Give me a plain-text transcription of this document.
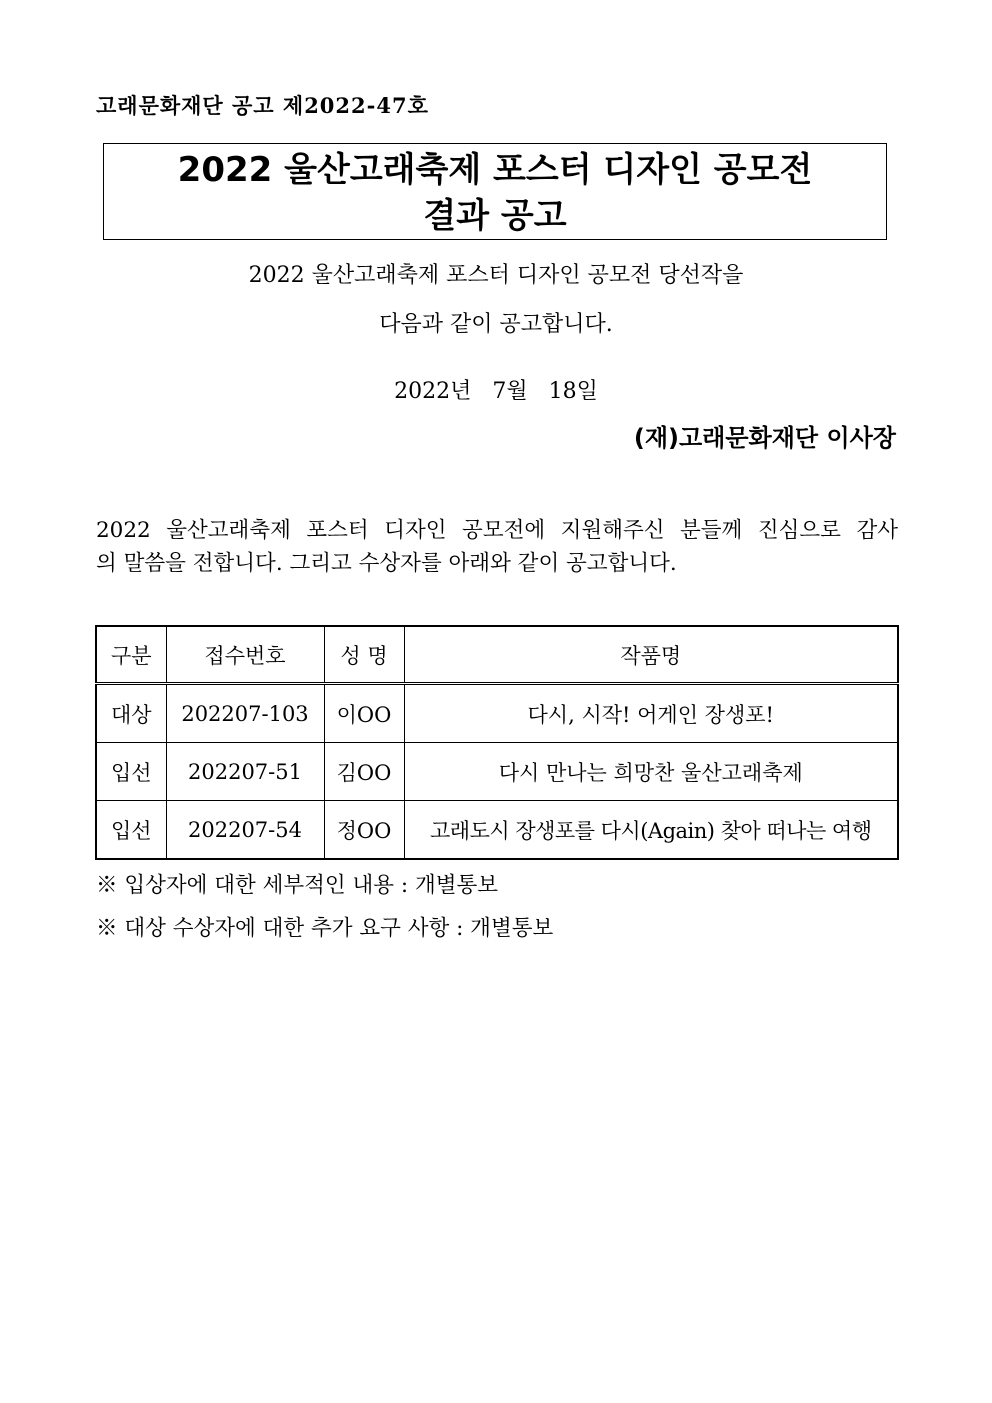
고래문화재단 공고 제2022-47호
2022 울산고래축제 포스터 디자인 공모전
결과 공고
2022 울산고래축제 포스터 디자인 공모전 당선작을
다음과 같이 공고합니다.
2022년   7월   18일
(재)고래문화재단 이사장
2022 울산고래축제 포스터 디자인 공모전에 지원해주신 분들께 진심으로 감사
의 말씀을 전합니다. 그리고 수상자를 아래와 같이 공고합니다.
구분	접수번호	성 명	작품명
대상	202207-103	이OO	다시, 시작! 어게인 장생포!
입선	202207-51	김OO	다시 만나는 희망찬 울산고래축제
입선	202207-54	정OO	고래도시 장생포를 다시(Again) 찾아 떠나는 여행
※ 입상자에 대한 세부적인 내용 : 개별통보
※ 대상 수상자에 대한 추가 요구 사항 : 개별통보
